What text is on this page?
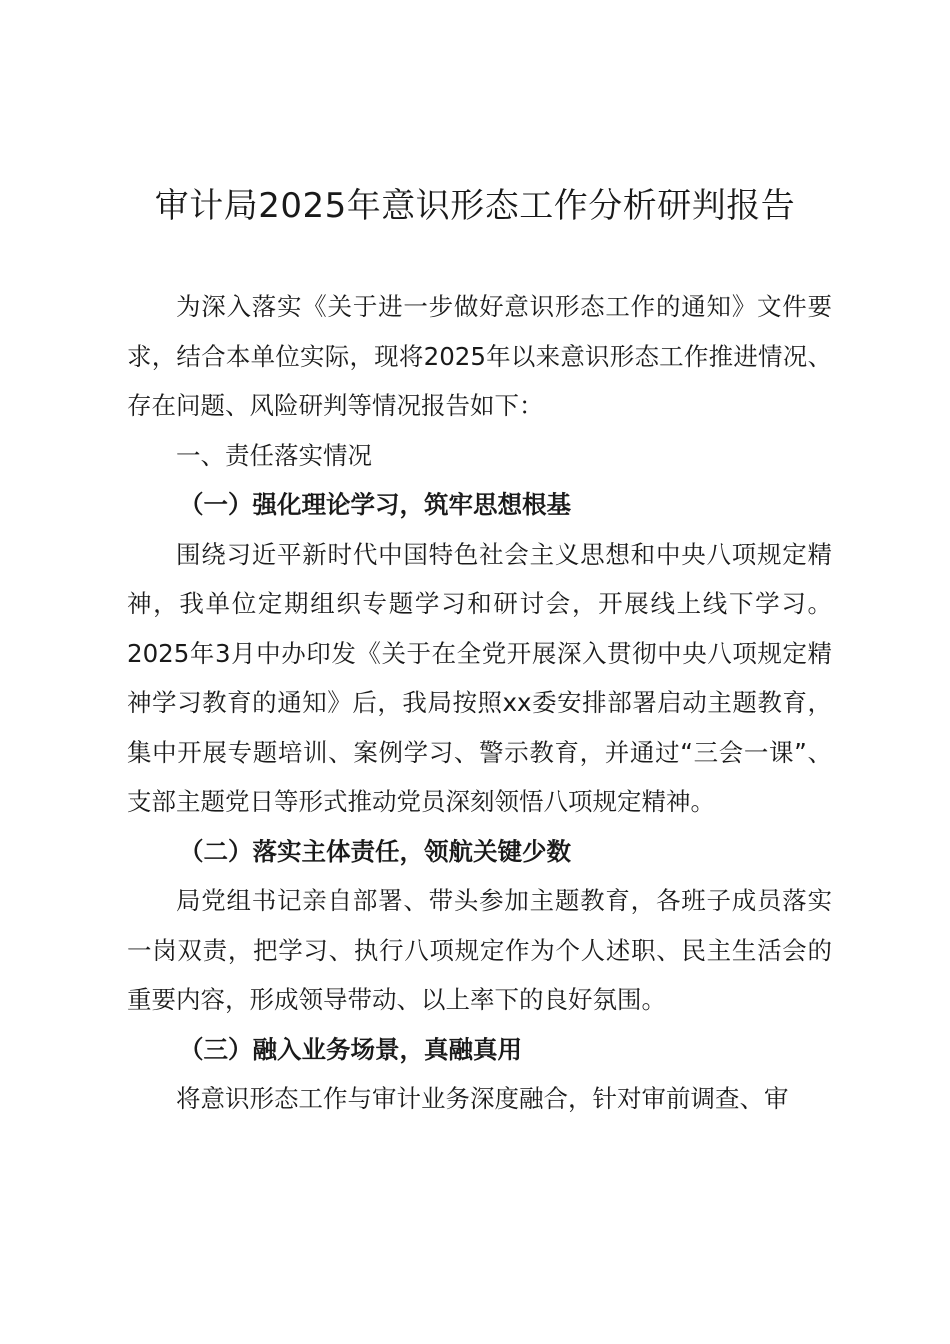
审计局2025年意识形态工作分析研判报告

为深入落实《关于进一步做好意识形态工作的通知》文件要求，结合本单位实际，现将2025年以来意识形态工作推进情况、存在问题、风险研判等情况报告如下：

一、责任落实情况

（一）强化理论学习，筑牢思想根基

围绕习近平新时代中国特色社会主义思想和中央八项规定精神，我单位定期组织专题学习和研讨会，开展线上线下学习。2025年3月中办印发《关于在全党开展深入贯彻中央八项规定精神学习教育的通知》后，我局按照xx委安排部署启动主题教育，集中开展专题培训、案例学习、警示教育，并通过“三会一课”、支部主题党日等形式推动党员深刻领悟八项规定精神。

（二）落实主体责任，领航关键少数

局党组书记亲自部署、带头参加主题教育，各班子成员落实一岗双责，把学习、执行八项规定作为个人述职、民主生活会的重要内容，形成领导带动、以上率下的良好氛围。

（三）融入业务场景，真融真用

将意识形态工作与审计业务深度融合，针对审前调查、审
